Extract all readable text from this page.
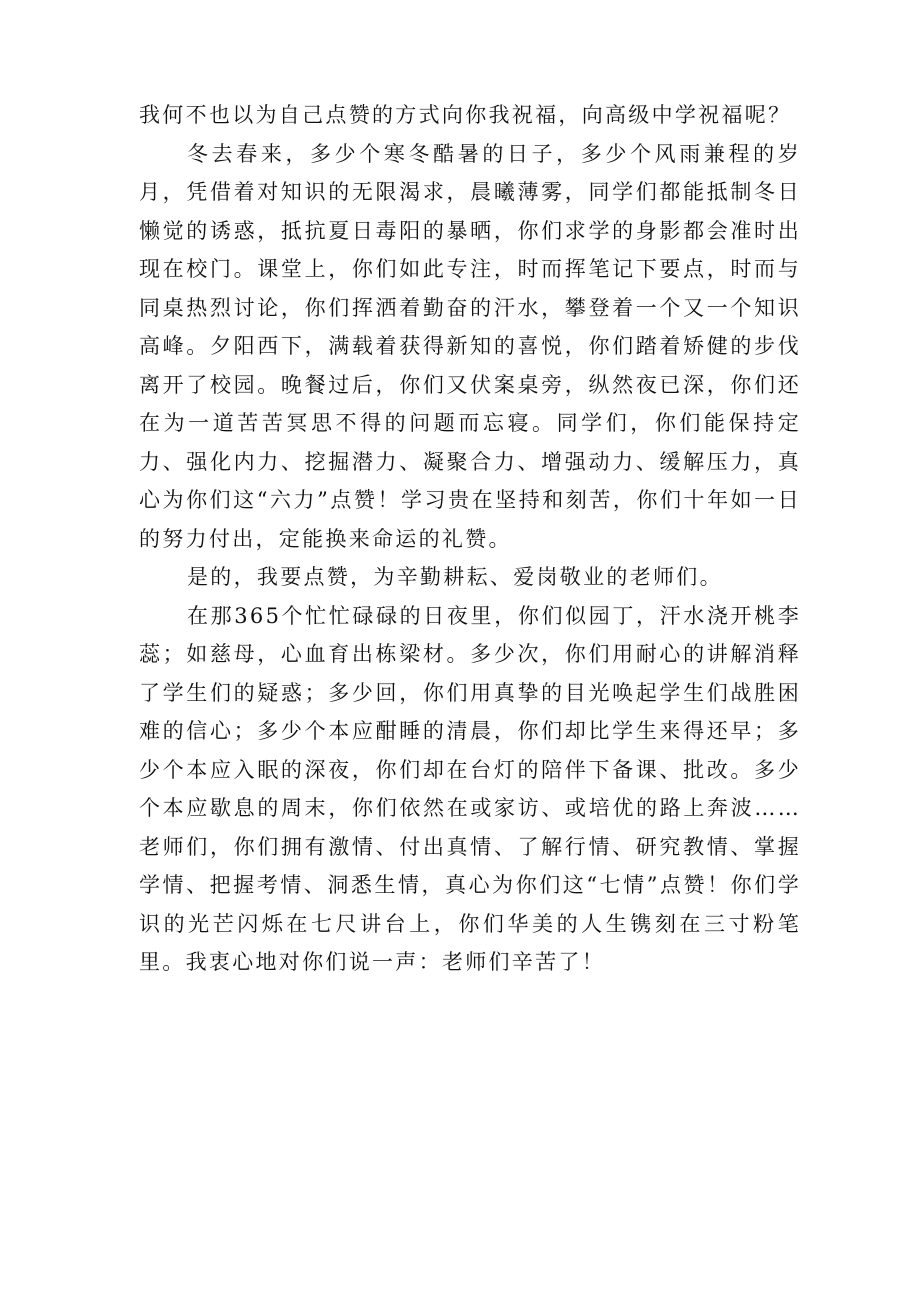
我何不也以为自己点赞的方式向你我祝福，向高级中学祝福呢？

冬去春来，多少个寒冬酷暑的日子，多少个风雨兼程的岁月，凭借着对知识的无限渴求，晨曦薄雾，同学们都能抵制冬日懒觉的诱惑，抵抗夏日毒阳的暴晒，你们求学的身影都会准时出现在校门。课堂上，你们如此专注，时而挥笔记下要点，时而与同桌热烈讨论，你们挥洒着勤奋的汗水，攀登着一个又一个知识高峰。夕阳西下，满载着获得新知的喜悦，你们踏着矫健的步伐离开了校园。晚餐过后，你们又伏案桌旁，纵然夜已深，你们还在为一道苦苦冥思不得的问题而忘寝。同学们，你们能保持定力、强化内力、挖掘潜力、凝聚合力、增强动力、缓解压力，真心为你们这“六力”点赞！学习贵在坚持和刻苦，你们十年如一日的努力付出，定能换来命运的礼赞。

是的，我要点赞，为辛勤耕耘、爱岗敬业的老师们。

在那365个忙忙碌碌的日夜里，你们似园丁，汗水浇开桃李蕊；如慈母，心血育出栋梁材。多少次，你们用耐心的讲解消释了学生们的疑惑；多少回，你们用真挚的目光唤起学生们战胜困难的信心；多少个本应酣睡的清晨，你们却比学生来得还早；多少个本应入眠的深夜，你们却在台灯的陪伴下备课、批改。多少个本应歇息的周末，你们依然在或家访、或培优的路上奔波……老师们，你们拥有激情、付出真情、了解行情、研究教情、掌握学情、把握考情、洞悉生情，真心为你们这“七情”点赞！你们学识的光芒闪烁在七尺讲台上，你们华美的人生镌刻在三寸粉笔里。我衷心地对你们说一声：老师们辛苦了！
